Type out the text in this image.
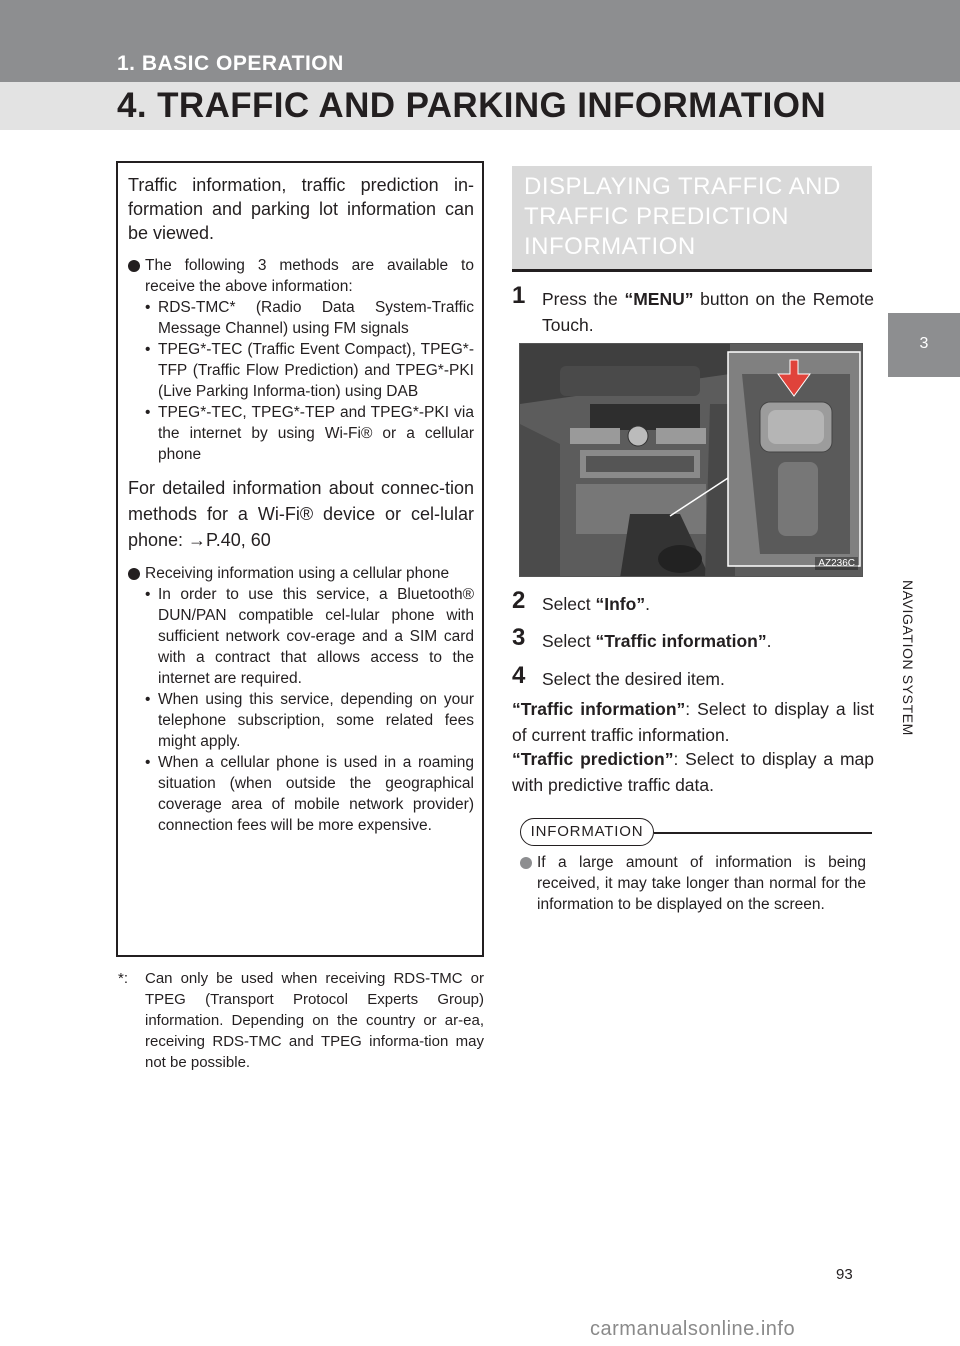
1. BASIC OPERATION
4. TRAFFIC AND PARKING INFORMATION
3
NAVIGATION SYSTEM

Traffic information, traffic prediction in-formation and parking lot information can be viewed.

The following 3 methods are available to receive the above information:

• RDS-TMC* (Radio Data System-Traffic Message Channel) using FM signals

• TPEG*-TEC (Traffic Event Compact), TPEG*-TFP (Traffic Flow Prediction) and TPEG*-PKI (Live Parking Informa-tion) using DAB

• TPEG*-TEC, TPEG*-TEP and TPEG*-PKI via the internet by using Wi-Fi® or a cellular phone

For detailed information about connec-tion methods for a Wi-Fi® device or cel-lular phone: →P.40, 60

Receiving information using a cellular phone

• In order to use this service, a Bluetooth® DUN/PAN compatible cel-lular phone with sufficient network cov-erage and a SIM card with a contract that allows access to the internet are required.

• When using this service, depending on your telephone subscription, some related fees might apply.

• When a cellular phone is used in a roaming situation (when outside the geographical coverage area of mobile network provider) connection fees will be more expensive.

*: Can only be used when receiving RDS-TMC or TPEG (Transport Protocol Experts Group) information. Depending on the country or ar-ea, receiving RDS-TMC and TPEG informa-tion may not be possible.

DISPLAYING TRAFFIC AND TRAFFIC PREDICTION INFORMATION
1 Press the “MENU” button on the Remote Touch.
AZ236C
2 Select “Info”.
3 Select “Traffic information”.
4 Select the desired item.

“Traffic information”: Select to display a list of current traffic information.

“Traffic prediction”: Select to display a map with predictive traffic data.

INFORMATION

If a large amount of information is being received, it may take longer than normal for the information to be displayed on the screen.

93
carmanualsonline.info
